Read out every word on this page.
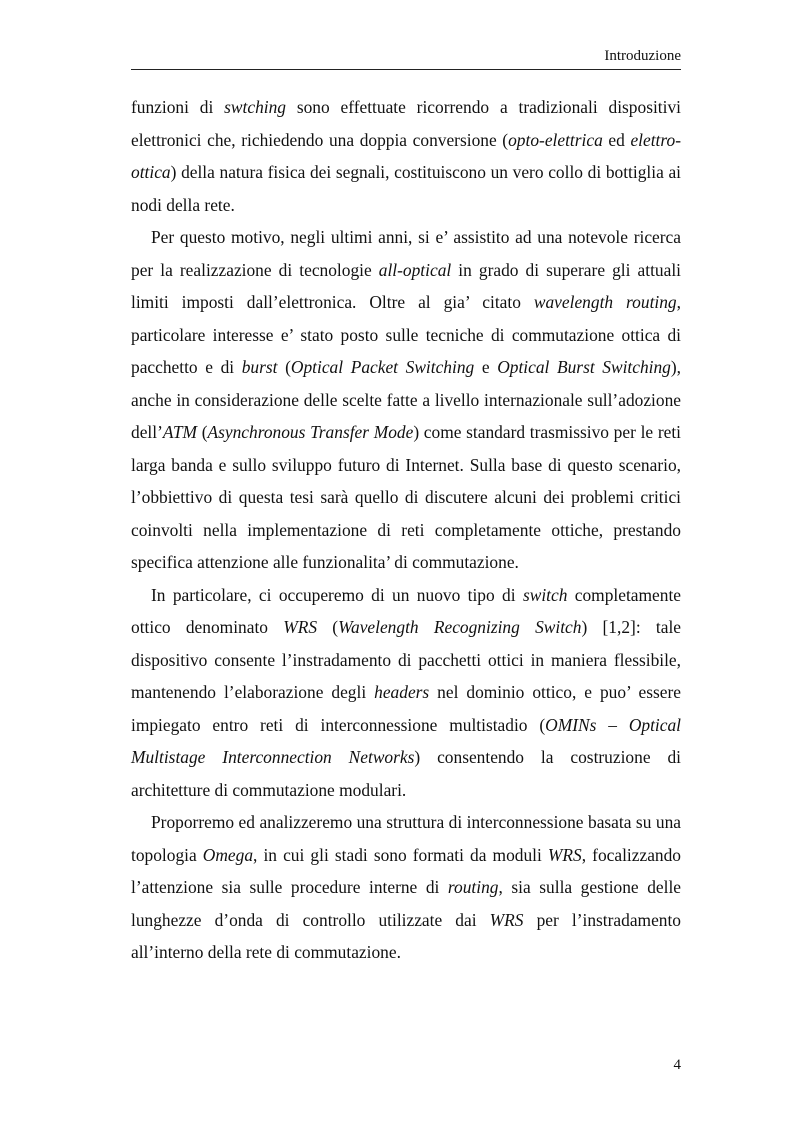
Introduzione

funzioni di swtching sono effettuate ricorrendo a tradizionali dispositivi elettronici che, richiedendo una doppia conversione (opto-elettrica ed elettro-ottica) della natura fisica dei segnali, costituiscono un vero collo di bottiglia ai nodi della rete.

Per questo motivo, negli ultimi anni, si e’ assistito ad una notevole ricerca per la realizzazione di tecnologie all-optical in grado di superare gli attuali limiti imposti dall’elettronica. Oltre al gia’ citato wavelength routing, particolare interesse e’ stato posto sulle tecniche di commutazione ottica di pacchetto e di burst (Optical Packet Switching e Optical Burst Switching), anche in considerazione delle scelte fatte a livello internazionale sull’adozione dell’ATM (Asynchronous Transfer Mode) come standard trasmissivo per le reti larga banda e sullo sviluppo futuro di Internet. Sulla base di questo scenario, l’obbiettivo di questa tesi sarà quello di discutere alcuni dei problemi critici coinvolti nella implementazione di reti completamente ottiche, prestando specifica attenzione alle funzionalita’ di commutazione.

In particolare, ci occuperemo di un nuovo tipo di switch completamente ottico denominato WRS (Wavelength Recognizing Switch) [1,2]: tale dispositivo consente l’instradamento di pacchetti ottici in maniera flessibile, mantenendo l’elaborazione degli headers nel dominio ottico, e puo’ essere impiegato entro reti di interconnessione multistadio (OMINs – Optical Multistage Interconnection Networks) consentendo la costruzione di architetture di commutazione modulari.

Proporremo ed analizzeremo una struttura di interconnessione basata su una topologia Omega, in cui gli stadi sono formati da moduli WRS, focalizzando l’attenzione sia sulle procedure interne di routing, sia sulla gestione delle lunghezze d’onda di controllo utilizzate dai WRS per l’instradamento all’interno della rete di commutazione.

4
